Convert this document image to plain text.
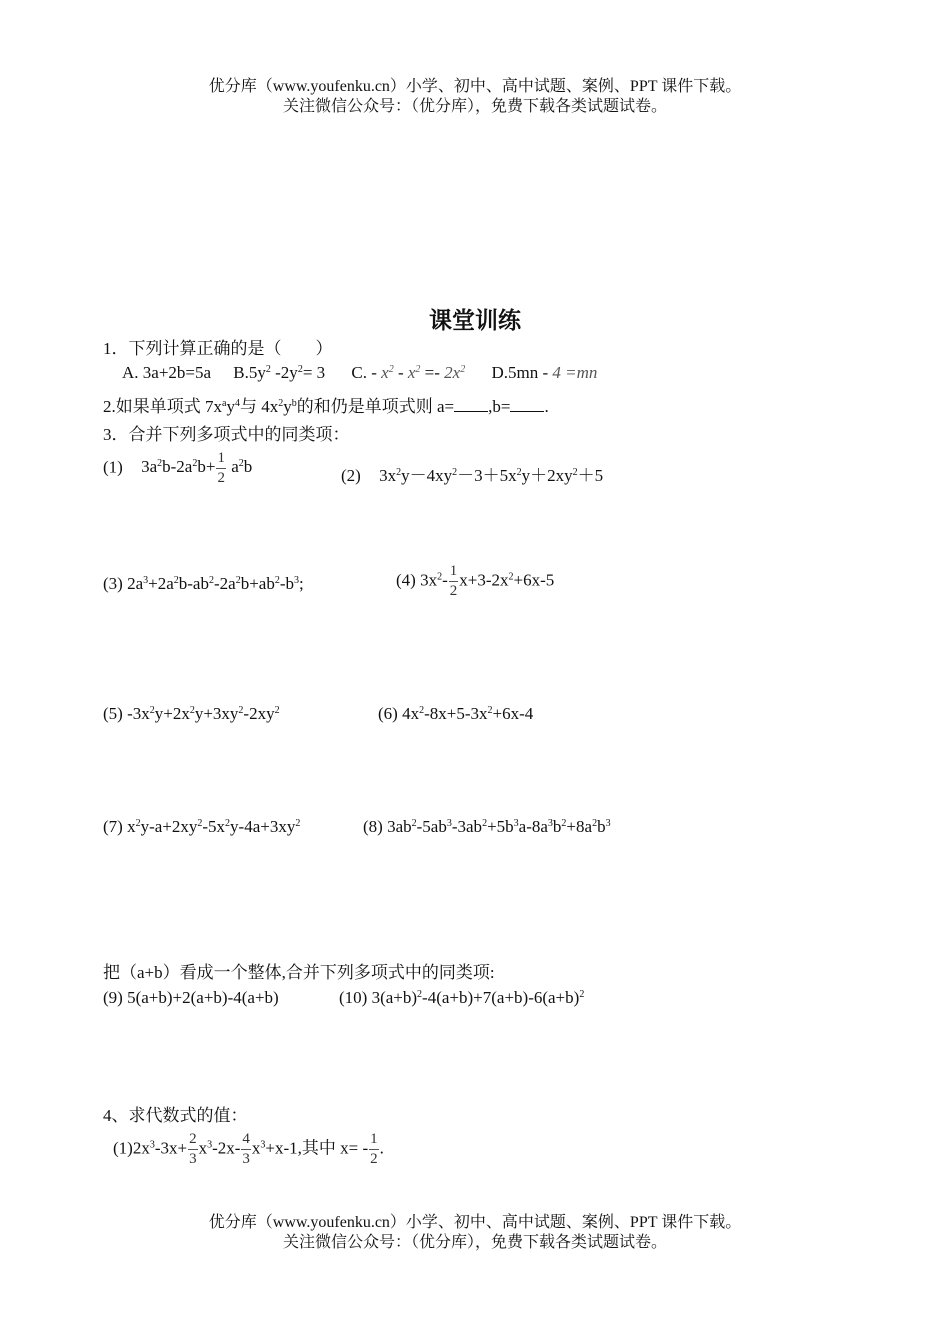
优分库（www.youfenku.cn）小学、初中、高中试题、案例、PPT 课件下载。
关注微信公众号：（优分库），免费下载各类试题试卷。
课堂训练
1．下列计算正确的是（　　）
A. 3a+2b=5a $B.5y^2$ $-2y^2= 3$ C. - $x^2 - x^2 =- 2x^2$ D.5mn - 4 =mn
2.如果单项式 $7x^ay^4$与 $4x^2y^b$的和仍是单项式则 a= ,b= .
3．合并下列多项式中的同类项：
(1) $3a^2b-2a^2b+ \frac{1}{2} a^2b$	(2) $3x^2y-4xy^2-3+5x^2y+2xy^2+5$
(3) $2a^3+2a^2b-ab^2-2a^2b+ab^2-b^3$;	(4) $3x^2- \frac{1}{2} x+3-2x^2+6x-5$
(5) $-3x^2y+2x^2y+3xy^2-2xy^2$	(6) $4x^2-8x+5-3x^2+6x-4$
(7) $x^2y-a+2xy^2-5x^2y-4a+3xy^2$	(8) $3ab^2-5ab^3-3ab^2+5b^3a-8a^3b^2+8a^2b^3$
把（a+b）看成一个整体,合并下列多项式中的同类项:
(9) 5(a+b)+2(a+b)-4(a+b)	(10) $3(a+b)^2-4(a+b)+7(a+b)-6(a+b)^2$
4、求代数式的值：
$(1)2x^3-3x+ \frac{2}{3} x^3-2x- \frac{4}{3} x^3+x-1$,其中 $x= - \frac{1}{2}$ .
优分库（www.youfenku.cn）小学、初中、高中试题、案例、PPT 课件下载。
关注微信公众号：（优分库），免费下载各类试题试卷。
